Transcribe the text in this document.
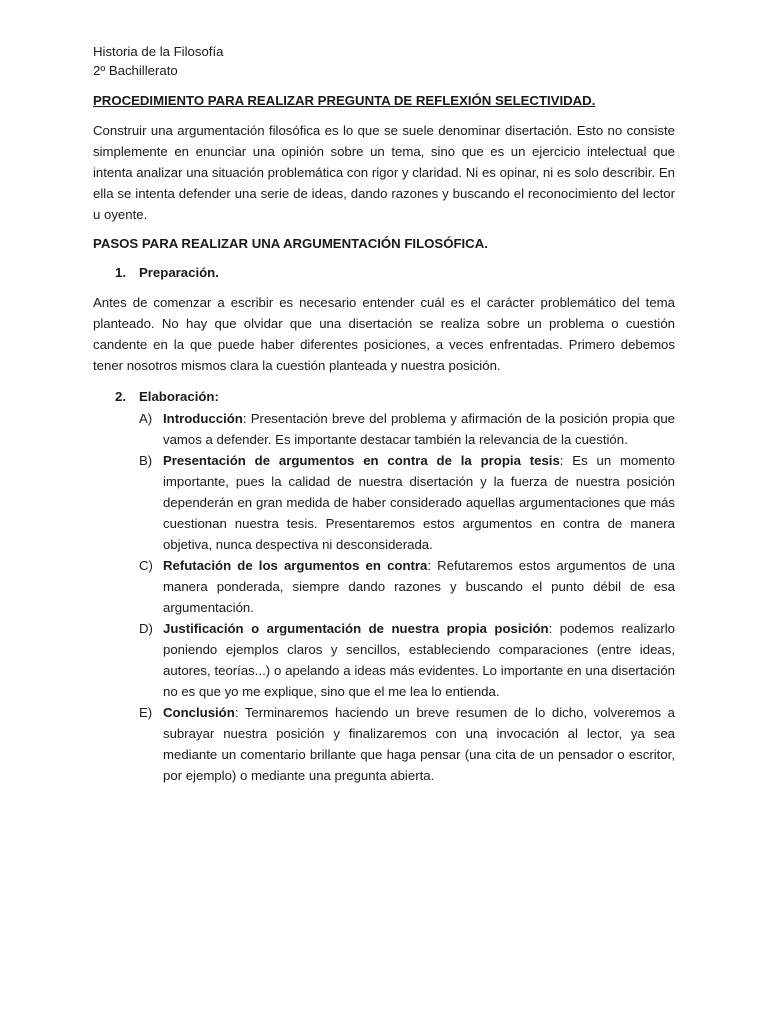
Historia de la Filosofía
2º Bachillerato
PROCEDIMIENTO PARA REALIZAR PREGUNTA DE REFLEXIÓN SELECTIVIDAD.

Construir una argumentación filosófica es lo que se suele denominar disertación. Esto no consiste simplemente en enunciar una opinión sobre un tema, sino que es un ejercicio intelectual que intenta analizar una situación problemática con rigor y claridad. Ni es opinar, ni es solo describir. En ella se intenta defender una serie de ideas, dando razones y buscando el reconocimiento del lector u oyente.

PASOS PARA REALIZAR UNA ARGUMENTACIÓN FILOSÓFICA.
1. Preparación.

Antes de comenzar a escribir es necesario entender cuál es el carácter problemático del tema planteado. No hay que olvidar que una disertación se realiza sobre un problema o cuestión candente en la que puede haber diferentes posiciones, a veces enfrentadas. Primero debemos tener nosotros mismos clara la cuestión planteada y nuestra posición.

2. Elaboración:
A) Introducción: Presentación breve del problema y afirmación de la posición propia que vamos a defender. Es importante destacar también la relevancia de la cuestión.
B) Presentación de argumentos en contra de la propia tesis: Es un momento importante, pues la calidad de nuestra disertación y la fuerza de nuestra posición dependerán en gran medida de haber considerado aquellas argumentaciones que más cuestionan nuestra tesis. Presentaremos estos argumentos en contra de manera objetiva, nunca despectiva ni desconsiderada.
C) Refutación de los argumentos en contra: Refutaremos estos argumentos de una manera ponderada, siempre dando razones y buscando el punto débil de esa argumentación.
D) Justificación o argumentación de nuestra propia posición: podemos realizarlo poniendo ejemplos claros y sencillos, estableciendo comparaciones (entre ideas, autores, teorías...) o apelando a ideas más evidentes. Lo importante en una disertación no es que yo me explique, sino que el me lea lo entienda.
E) Conclusión: Terminaremos haciendo un breve resumen de lo dicho, volveremos a subrayar nuestra posición y finalizaremos con una invocación al lector, ya sea mediante un comentario brillante que haga pensar (una cita de un pensador o escritor, por ejemplo) o mediante una pregunta abierta.
